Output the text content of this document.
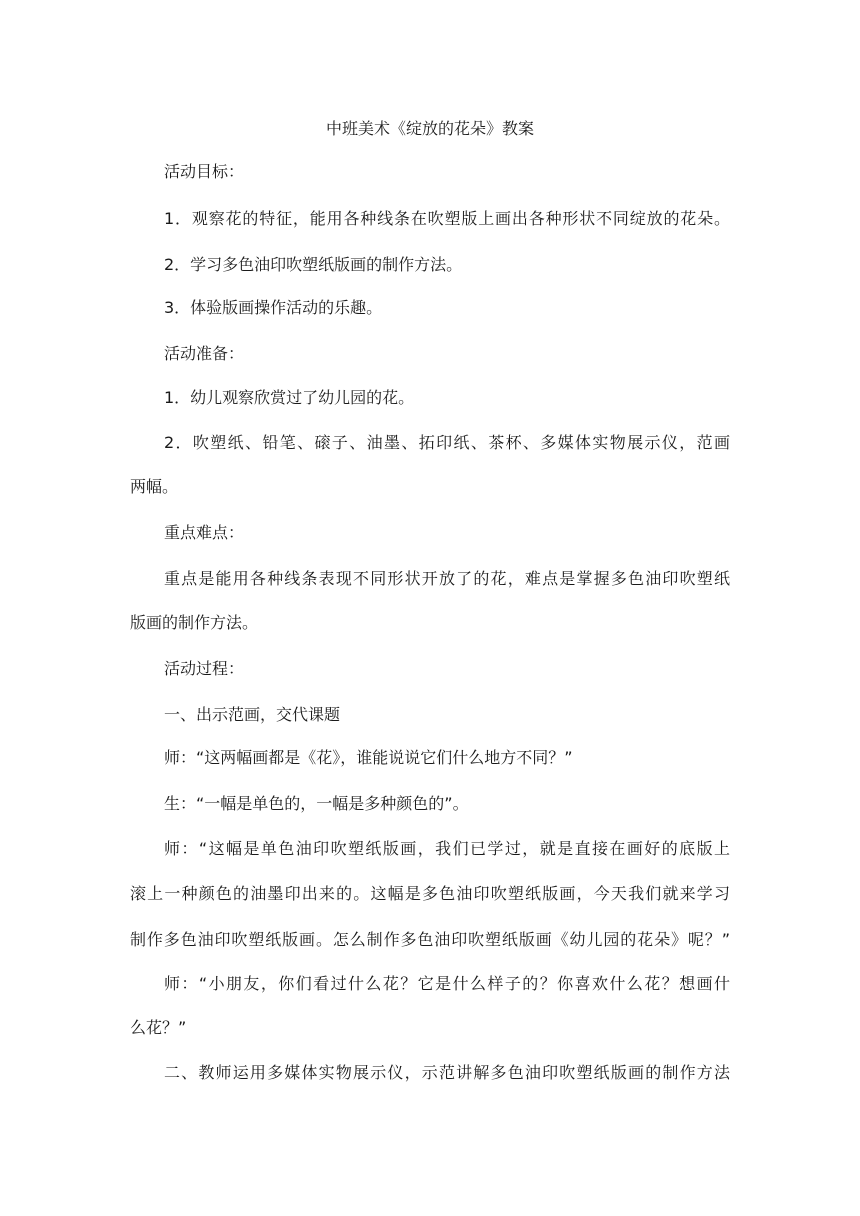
中班美术《绽放的花朵》教案
活动目标：
1．观察花的特征，能用各种线条在吹塑版上画出各种形状不同绽放的花朵。
2．学习多色油印吹塑纸版画的制作方法。
3．体验版画操作活动的乐趣。
活动准备：
1．幼儿观察欣赏过了幼儿园的花。
2．吹塑纸、铅笔、磙子、油墨、拓印纸、茶杯、多媒体实物展示仪，范画
两幅。
重点难点：
重点是能用各种线条表现不同形状开放了的花，难点是掌握多色油印吹塑纸
版画的制作方法。
活动过程：
一、出示范画，交代课题
师：“这两幅画都是《花》，谁能说说它们什么地方不同？”
生：“一幅是单色的，一幅是多种颜色的”。
师：“这幅是单色油印吹塑纸版画，我们已学过，就是直接在画好的底版上
滚上一种颜色的油墨印出来的。这幅是多色油印吹塑纸版画，今天我们就来学习
制作多色油印吹塑纸版画。怎么制作多色油印吹塑纸版画《幼儿园的花朵》呢？”
师：“小朋友，你们看过什么花？它是什么样子的？你喜欢什么花？想画什
么花？”
二、教师运用多媒体实物展示仪，示范讲解多色油印吹塑纸版画的制作方法
